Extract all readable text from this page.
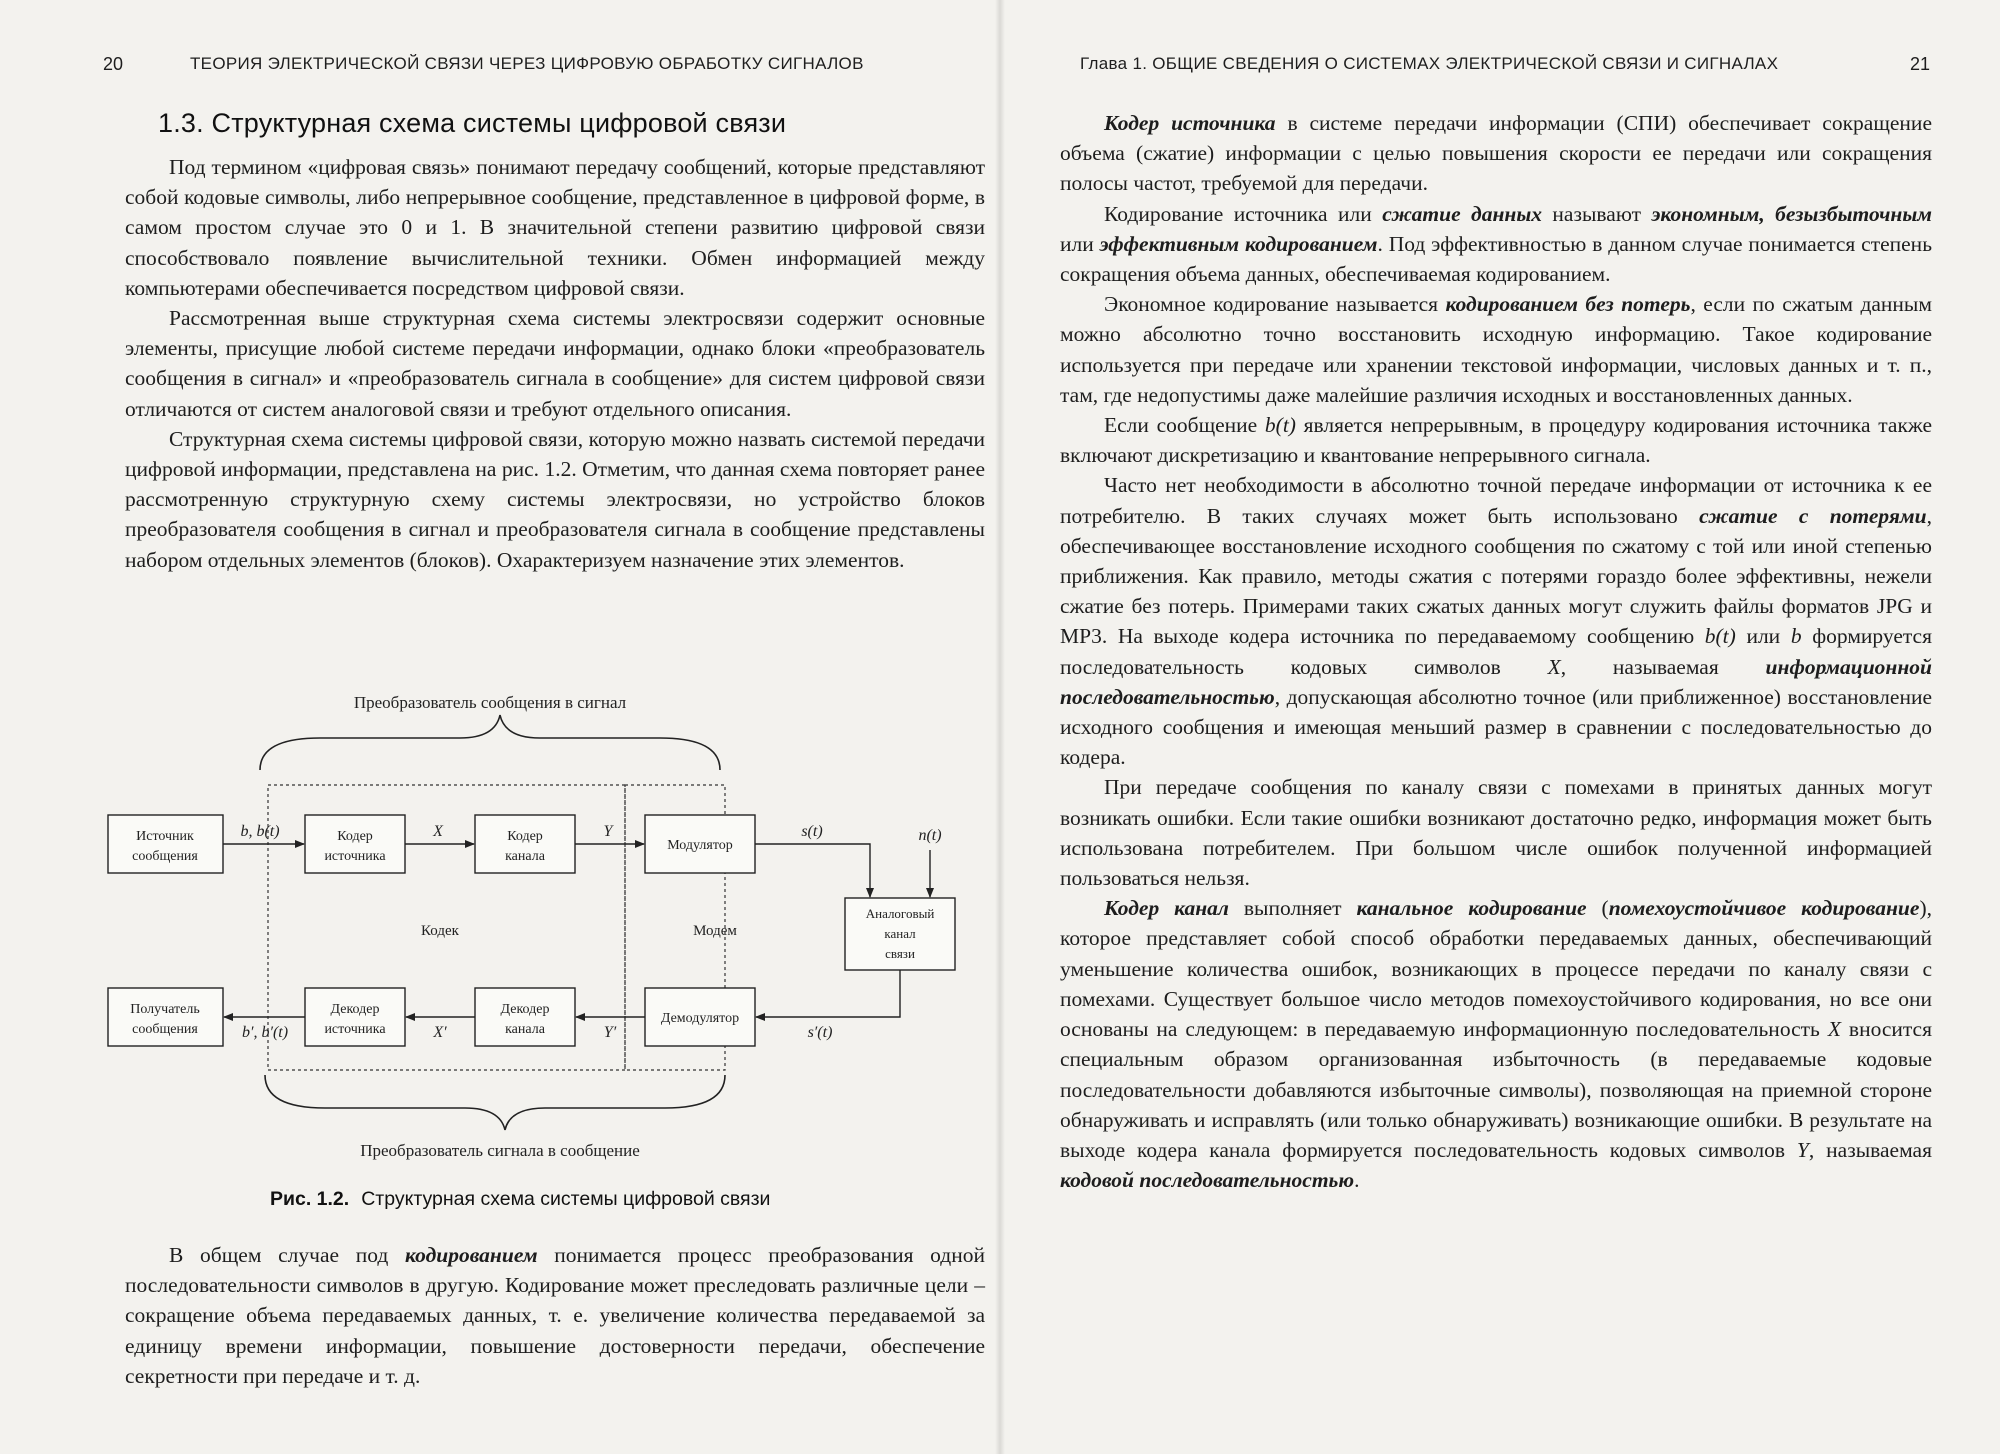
20	ТЕОРИЯ ЭЛЕКТРИЧЕСКОЙ СВЯЗИ ЧЕРЕЗ ЦИФРОВУЮ ОБРАБОТКУ СИГНАЛОВ
1.3. Структурная схема системы цифровой связи

Под термином «цифровая связь» понимают передачу сообщений, которые представляют собой кодовые символы, либо непрерывное сообщение, представленное в цифровой форме, в самом простом случае это 0 и 1. В значительной степени развитию цифровой связи способствовало появление вычислительной техники. Обмен информацией между компьютерами обеспечивается посредством цифровой связи.

Рассмотренная выше структурная схема системы электросвязи содержит основные элементы, присущие любой системе передачи информации, однако блоки «преобразователь сообщения в сигнал» и «преобразователь сигнала в сообщение» для систем цифровой связи отличаются от систем аналоговой связи и требуют отдельного описания.

Структурная схема системы цифровой связи, которую можно назвать системой передачи цифровой информации, представлена на рис. 1.2. Отметим, что данная схема повторяет ранее рассмотренную структурную схему системы электросвязи, но устройство блоков преобразователя сообщения в сигнал и преобразователя сигнала в сообщение представлены набором отдельных элементов (блоков). Охарактеризуем назначение этих элементов.

Преобразователь сообщения в сигнал
Преобразователь сигнала в сообщение
Кодек	Модем
Источник
сообщения
Кодер
источника
Кодер
канала
Модулятор
Аналоговый
канал
связи
Демодулятор
Декодер
канала
Декодер
источника
Получатель
сообщения
b, b(t)	X	Y	s(t)	n(t)
s′(t)
Y′
X′
b′, b′(t)
Рис. 1.2. Структурная схема системы цифровой связи

В общем случае под кодированием понимается процесс преобразования одной последовательности символов в другую. Кодирование может преследовать различные цели – сокращение объема передаваемых данных, т. е. увеличение количества передаваемой за единицу времени информации, повышение достоверности передачи, обеспечение секретности при передаче и т. д.

Глава 1. ОБЩИЕ СВЕДЕНИЯ О СИСТЕМАХ ЭЛЕКТРИЧЕСКОЙ СВЯЗИ И СИГНАЛАХ	21

Кодер источника в системе передачи информации (СПИ) обеспечивает сокращение объема (сжатие) информации с целью повышения скорости ее передачи или сокращения полосы частот, требуемой для передачи.

Кодирование источника или сжатие данных называют экономным, безызбыточным или эффективным кодированием. Под эффективностью в данном случае понимается степень сокращения объема данных, обеспечиваемая кодированием.

Экономное кодирование называется кодированием без потерь, если по сжатым данным можно абсолютно точно восстановить исходную информацию. Такое кодирование используется при передаче или хранении текстовой информации, числовых данных и т. п., там, где недопустимы даже малейшие различия исходных и восстановленных данных.

Если сообщение b(t) является непрерывным, в процедуру кодирования источника также включают дискретизацию и квантование непрерывного сигнала.

Часто нет необходимости в абсолютно точной передаче информации от источника к ее потребителю. В таких случаях может быть использовано сжатие с потерями, обеспечивающее восстановление исходного сообщения по сжатому с той или иной степенью приближения. Как правило, методы сжатия с потерями гораздо более эффективны, нежели сжатие без потерь. Примерами таких сжатых данных могут служить файлы форматов JPG и MP3. На выходе кодера источника по передаваемому сообщению b(t) или b формируется последовательность кодовых символов X, называемая информационной последовательностью, допускающая абсолютно точное (или приближенное) восстановление исходного сообщения и имеющая меньший размер в сравнении с последовательностью до кодера.

При передаче сообщения по каналу связи с помехами в принятых данных могут возникать ошибки. Если такие ошибки возникают достаточно редко, информация может быть использована потребителем. При большом числе ошибок полученной информацией пользоваться нельзя.

Кодер канал выполняет канальное кодирование (помехоустойчивое кодирование), которое представляет собой способ обработки передаваемых данных, обеспечивающий уменьшение количества ошибок, возникающих в процессе передачи по каналу связи с помехами. Существует большое число методов помехоустойчивого кодирования, но все они основаны на следующем: в передаваемую информационную последовательность X вносится специальным образом организованная избыточность (в передаваемые кодовые последовательности добавляются избыточные символы), позволяющая на приемной стороне обнаруживать и исправлять (или только обнаруживать) возникающие ошибки. В результате на выходе кодера канала формируется последовательность кодовых символов Y, называемая кодовой последовательностью.
